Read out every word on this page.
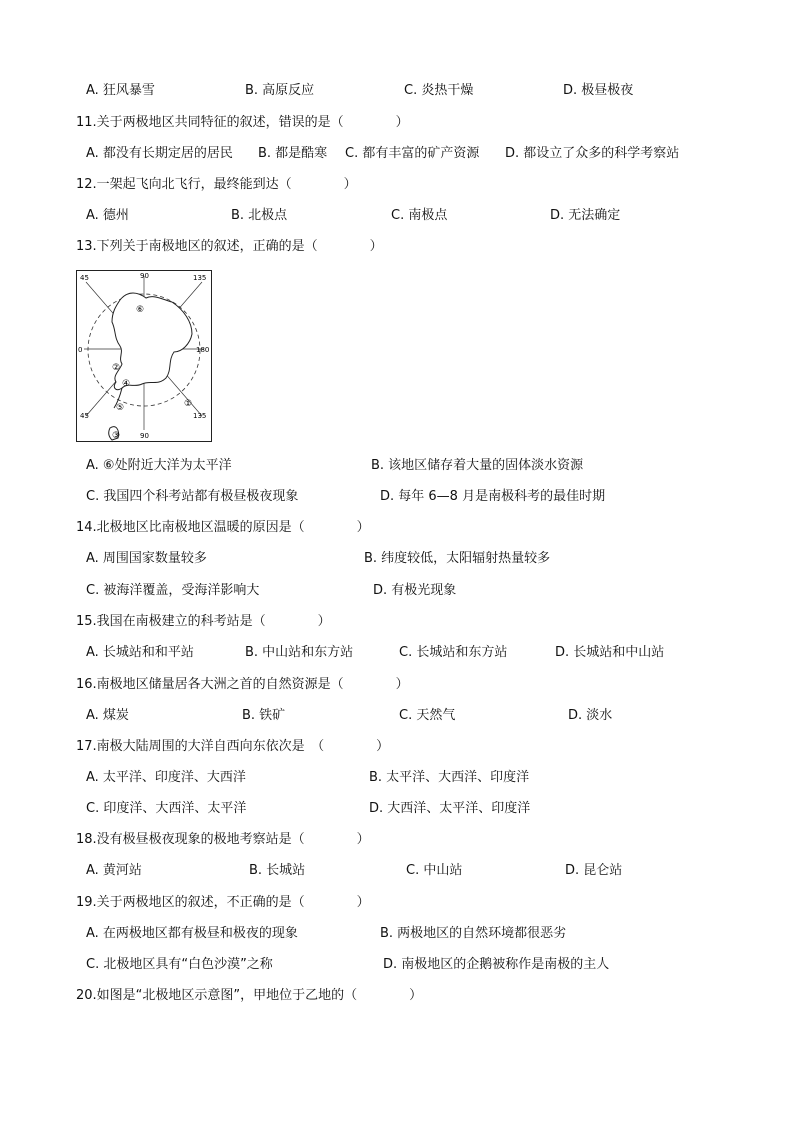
A. 狂风暴雪	B. 高原反应	C. 炎热干燥	D. 极昼极夜
11.关于两极地区共同特征的叙述，错误的是（　　　　）
A. 都没有长期定居的居民 B. 都是酷寒 C. 都有丰富的矿产资源 D. 都设立了众多的科学考察站
12.一架起飞向北飞行，最终能到达（　　　　）
A. 德州	B. 北极点	C. 南极点	D. 无法确定
13.下列关于南极地区的叙述，正确的是（　　　　）
45	90	135
0	180
45
90
135
⑥
②
④
⑤	①
③
A. ⑥处附近大洋为太平洋	B. 该地区储存着大量的固体淡水资源
C. 我国四个科考站都有极昼极夜现象	D. 每年 6—8 月是南极科考的最佳时期
14.北极地区比南极地区温暖的原因是（　　　　）
A. 周围国家数量较多	B. 纬度较低，太阳辐射热量较多
C. 被海洋覆盖，受海洋影响大	D. 有极光现象
15.我国在南极建立的科考站是（　　　　）
A. 长城站和和平站	B. 中山站和东方站	C. 长城站和东方站	D. 长城站和中山站
16.南极地区储量居各大洲之首的自然资源是（　　　　）
A. 煤炭	B. 铁矿	C. 天然气	D. 淡水
17.南极大陆周围的大洋自西向东依次是　（　　　　）
A. 太平洋、印度洋、大西洋	B. 太平洋、大西洋、印度洋
C. 印度洋、大西洋、太平洋	D. 大西洋、太平洋、印度洋
18.没有极昼极夜现象的极地考察站是（　　　　）
A. 黄河站	B. 长城站	C. 中山站	D. 昆仑站
19.关于两极地区的叙述，不正确的是（　　　　）
A. 在两极地区都有极昼和极夜的现象	B. 两极地区的自然环境都很恶劣
C. 北极地区具有“白色沙漠”之称	D. 南极地区的企鹅被称作是南极的主人
20.如图是“北极地区示意图”，甲地位于乙地的（　　　　）
